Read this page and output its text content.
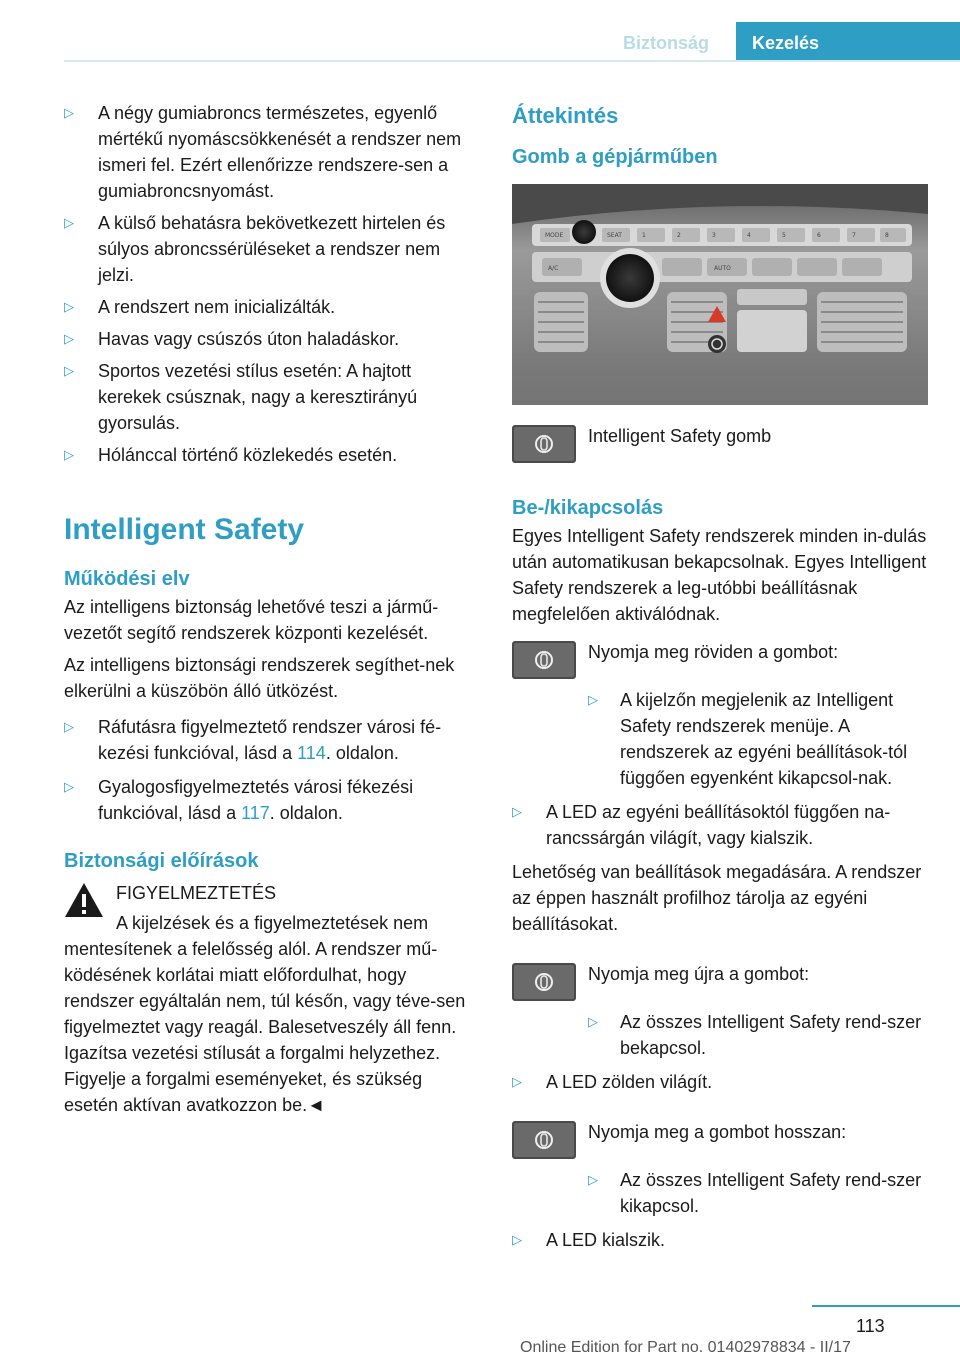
Biztonság	Kezelés
▷ A négy gumiabroncs természetes, egyenlő mértékű nyomáscsökkenését a rendszer nem ismeri fel. Ezért ellenőrizze rendszere-sen a gumiabroncsnyomást.
▷ A külső behatásra bekövetkezett hirtelen és súlyos abroncssérüléseket a rendszer nem jelzi.
▷ A rendszert nem inicializálták.
▷ Havas vagy csúszós úton haladáskor.
▷ Sportos vezetési stílus esetén: A hajtott kerekek csúsznak, nagy a keresztirányú gyorsulás.
▷ Hólánccal történő közlekedés esetén.
Intelligent Safety
Működési elv

Az intelligens biztonság lehetővé teszi a jármű-vezetőt segítő rendszerek központi kezelését.

Az intelligens biztonsági rendszerek segíthet-nek elkerülni a küszöbön álló ütközést.

▷ Ráfutásra figyelmeztető rendszer városi fé-kezési funkcióval, lásd a 114. oldalon.
▷ Gyalogosfigyelmeztetés városi fékezési funkcióval, lásd a 117. oldalon.
Biztonsági előírások

FIGYELMEZTETÉS

A kijelzések és a figyelmeztetések nem mentesítenek a felelősség alól. A rendszer mű-ködésének korlátai miatt előfordulhat, hogy rendszer egyáltalán nem, túl későn, vagy téve-sen figyelmeztet vagy reagál. Balesetveszély áll fenn. Igazítsa vezetési stílusát a forgalmi helyzethez. Figyelje a forgalmi eseményeket, és szükség esetén aktívan avatkozzon be.◄

Áttekintés
Gomb a gépjárműben
MODE	SEAT	1	2	3	4	5	6	7	8
A/C	AUTO

Intelligent Safety gomb

Be-/kikapcsolás

Egyes Intelligent Safety rendszerek minden in-dulás után automatikusan bekapcsolnak. Egyes Intelligent Safety rendszerek a leg-utóbbi beállításnak megfelelően aktiválódnak.

Nyomja meg röviden a gombot:

▷ A kijelzőn megjelenik az Intelligent Safety rendszerek menüje. A rendszerek az egyéni beállítások-tól függően egyenként kikapcsol-nak.
▷ A LED az egyéni beállításoktól függően na-rancssárgán világít, vagy kialszik.

Lehetőség van beállítások megadására. A rendszer az éppen használt profilhoz tárolja az egyéni beállításokat.

Nyomja meg újra a gombot:

▷ Az összes Intelligent Safety rend-szer bekapcsol.
▷ A LED zölden világít.

Nyomja meg a gombot hosszan:

▷ Az összes Intelligent Safety rend-szer kikapcsol.
▷ A LED kialszik.
113
Online Edition for Part no. 01402978834 - II/17
